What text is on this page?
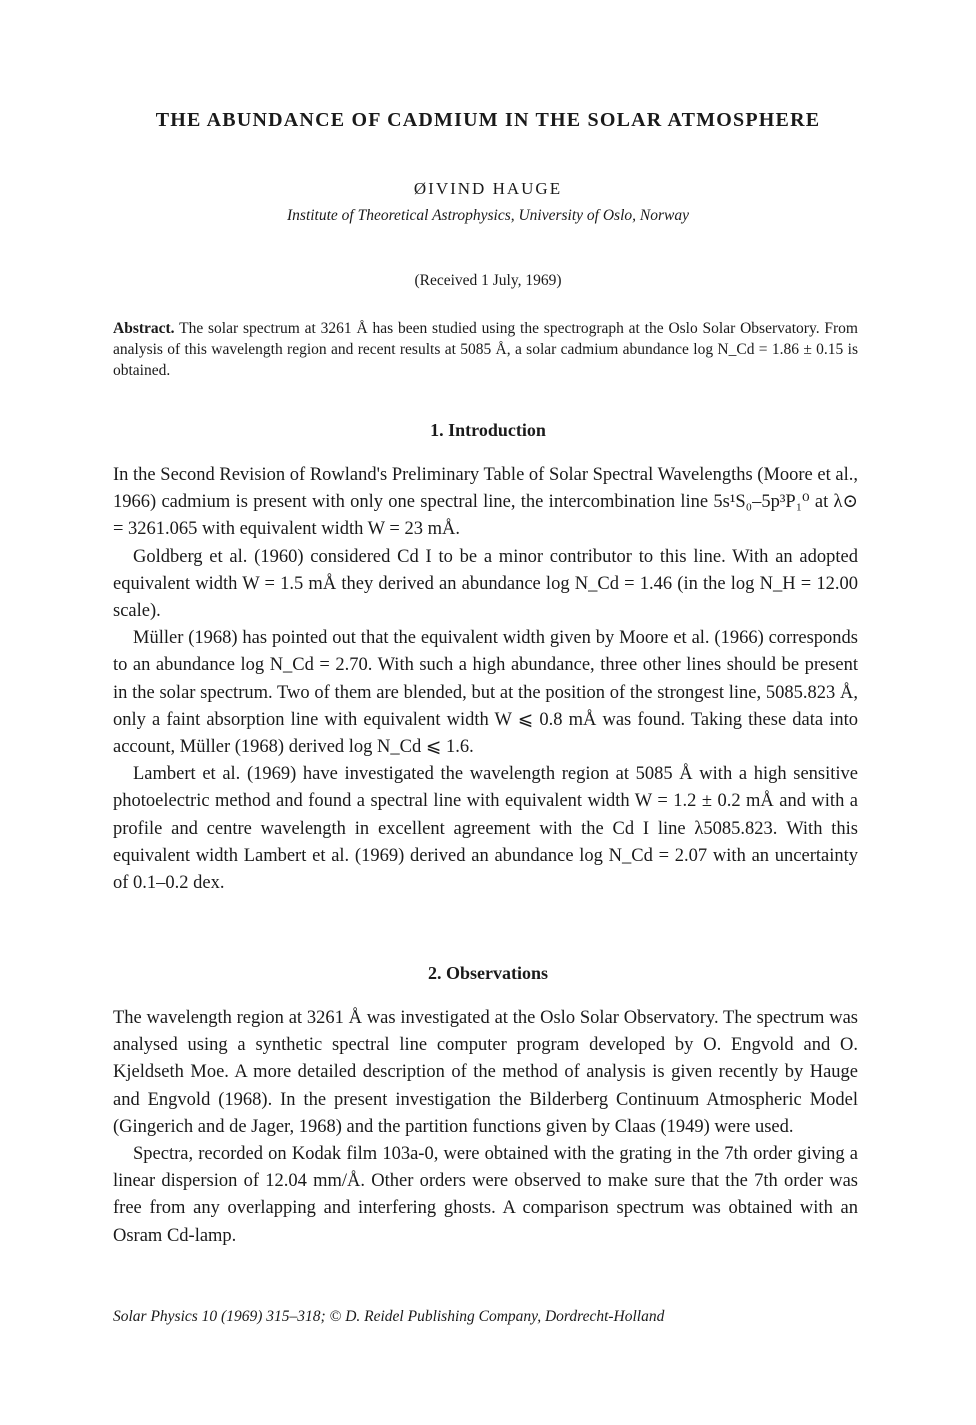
THE ABUNDANCE OF CADMIUM IN THE SOLAR ATMOSPHERE
ØIVIND HAUGE
Institute of Theoretical Astrophysics, University of Oslo, Norway
(Received 1 July, 1969)
Abstract. The solar spectrum at 3261 Å has been studied using the spectrograph at the Oslo Solar Observatory. From analysis of this wavelength region and recent results at 5085 Å, a solar cadmium abundance log N_Cd = 1.86 ± 0.15 is obtained.
1. Introduction

In the Second Revision of Rowland's Preliminary Table of Solar Spectral Wavelengths (Moore et al., 1966) cadmium is present with only one spectral line, the intercombination line 5s¹S₀–5p³P₁⁰ at λ⊙ = 3261.065 with equivalent width W = 23 mÅ.

Goldberg et al. (1960) considered Cd I to be a minor contributor to this line. With an adopted equivalent width W = 1.5 mÅ they derived an abundance log N_Cd = 1.46 (in the log N_H = 12.00 scale).

Müller (1968) has pointed out that the equivalent width given by Moore et al. (1966) corresponds to an abundance log N_Cd = 2.70. With such a high abundance, three other lines should be present in the solar spectrum. Two of them are blended, but at the position of the strongest line, 5085.823 Å, only a faint absorption line with equivalent width W ⩽ 0.8 mÅ was found. Taking these data into account, Müller (1968) derived log N_Cd ⩽ 1.6.

Lambert et al. (1969) have investigated the wavelength region at 5085 Å with a high sensitive photoelectric method and found a spectral line with equivalent width W = 1.2 ± 0.2 mÅ and with a profile and centre wavelength in excellent agreement with the Cd I line λ5085.823. With this equivalent width Lambert et al. (1969) derived an abundance log N_Cd = 2.07 with an uncertainty of 0.1–0.2 dex.

2. Observations

The wavelength region at 3261 Å was investigated at the Oslo Solar Observatory. The spectrum was analysed using a synthetic spectral line computer program developed by O. Engvold and O. Kjeldseth Moe. A more detailed description of the method of analysis is given recently by Hauge and Engvold (1968). In the present investigation the Bilderberg Continuum Atmospheric Model (Gingerich and de Jager, 1968) and the partition functions given by Claas (1949) were used.

Spectra, recorded on Kodak film 103a-0, were obtained with the grating in the 7th order giving a linear dispersion of 12.04 mm/Å. Other orders were observed to make sure that the 7th order was free from any overlapping and interfering ghosts. A comparison spectrum was obtained with an Osram Cd-lamp.

Solar Physics 10 (1969) 315–318; © D. Reidel Publishing Company, Dordrecht-Holland
